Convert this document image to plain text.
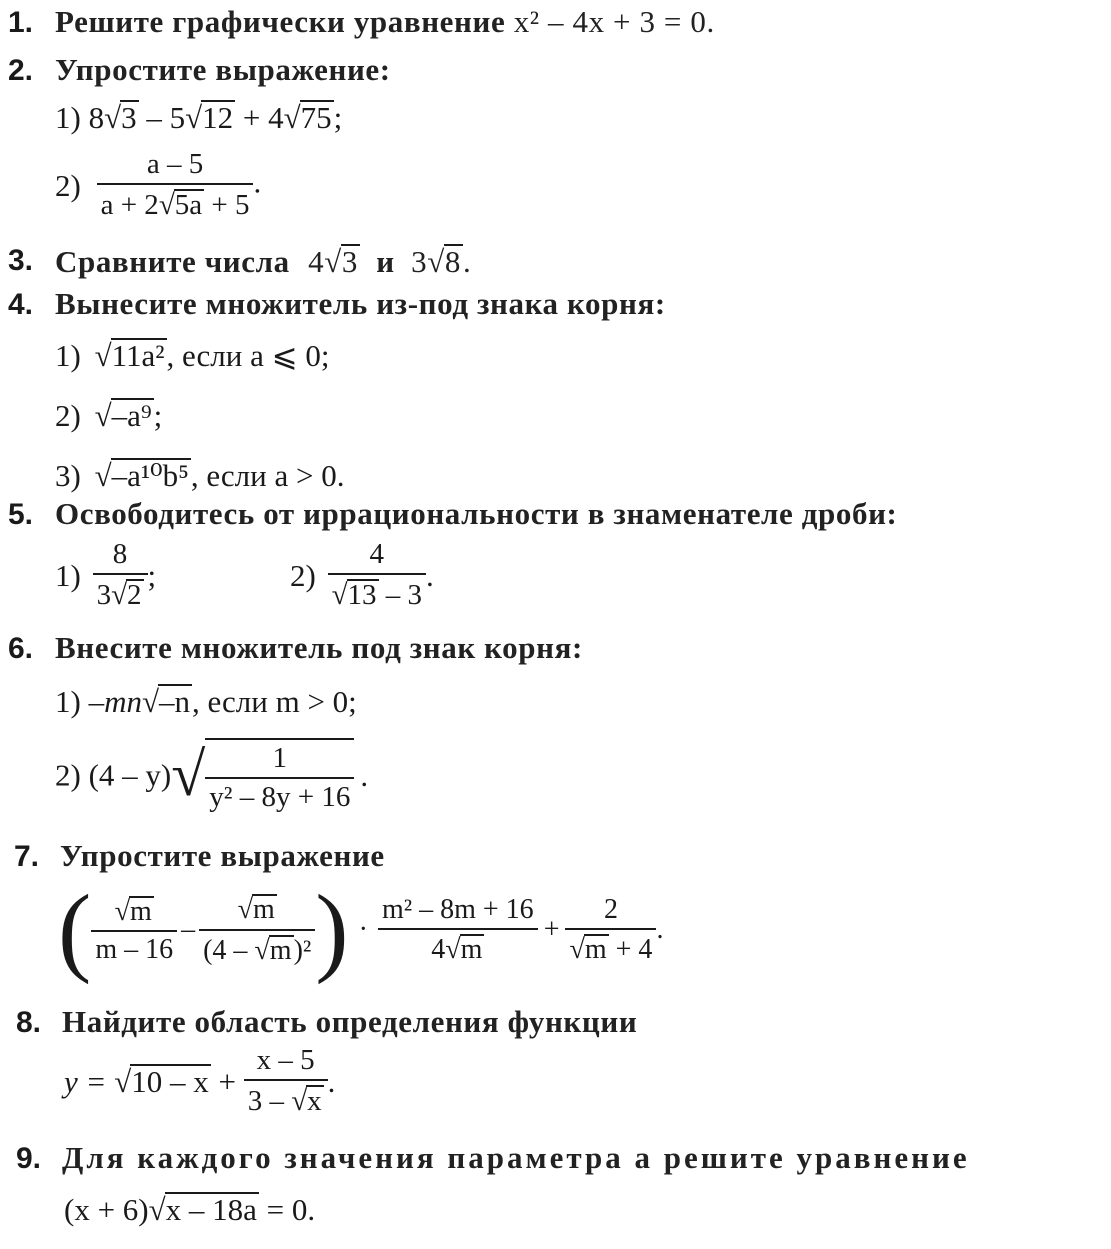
1. Решите графически уравнение x² – 4x + 3 = 0.
2. Упростите выражение:
1) 8√3 – 5√12 + 4√75;
$2) \frac{a - 5}{a + 2√5a + 5}$ .
3. Сравните числа 4√3 и 3√8.
4. Вынесите множитель из-под знака корня:
1) √11a², если a ⩽ 0;
2) √–a⁹;
3) √–a¹⁰b⁵, если a > 0.
5. Освободитесь от иррациональности в знаменателе дроби:
$1) \frac{8}{3√2}$ ;	$2) \frac{4}{√13 - 3}$ .
6. Внесите множитель под знак корня:
1) –mn√–n, если m > 0;
2) $(4 - y)√ \frac{1}{\text{y² – 8y + 16}}$ .
7. Упростите выражение
( $\frac{√m}{m - 16} - \frac{√m}{\text{(4 – √m)²}}$ ) · $\frac{\text{m² – 8m + 16}}{4√m} + \frac{2}{√m + 4}$ .
8. Найдите область определения функции
$y = √10 - x + \frac{x - 5}{3 - √x}$ .
9. Для каждого значения параметра a решите уравнение
(x + 6)√x – 18a = 0.
